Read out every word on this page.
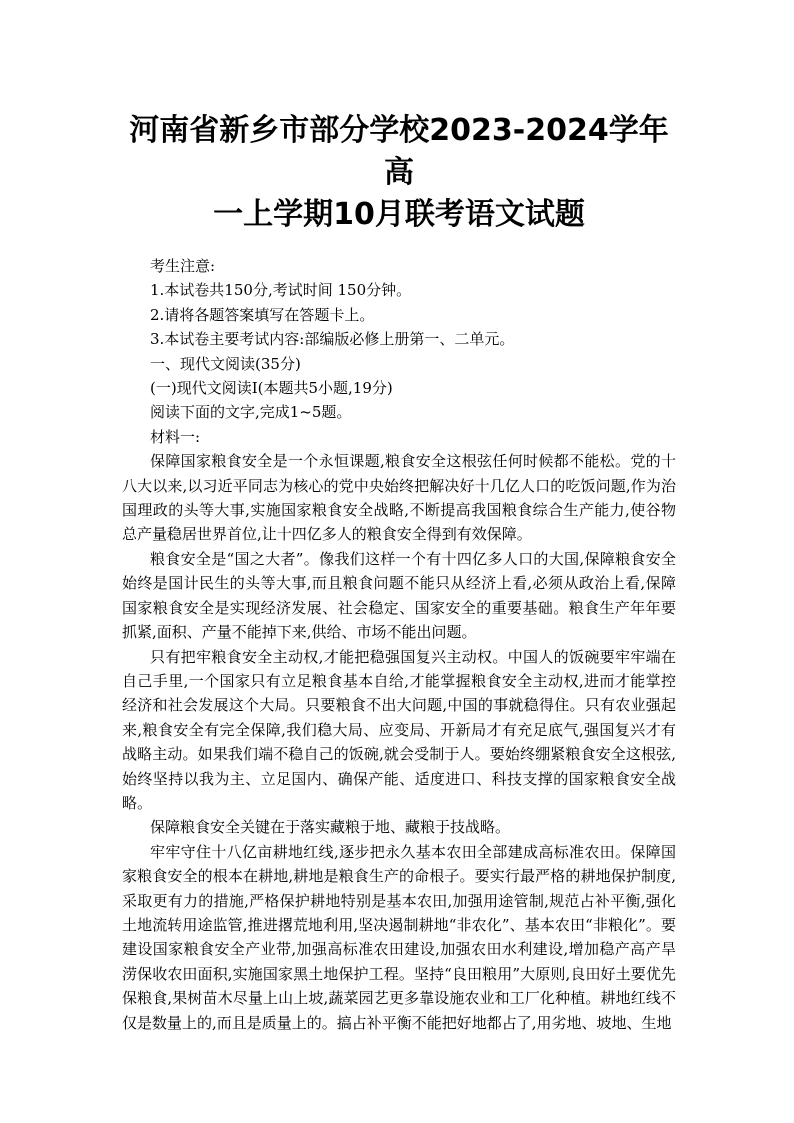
河南省新乡市部分学校2023-2024学年高
一上学期10月联考语文试题
考生注意:
1.本试卷共150分,考试时间 150分钟。
2.请将各题答案填写在答题卡上。
3.本试卷主要考试内容:部编版必修上册第一、二单元。
一、现代文阅读(35分)
(一)现代文阅读Ⅰ(本题共5小题,19分)
阅读下面的文字,完成1~5题。
材料一:

保障国家粮食安全是一个永恒课题,粮食安全这根弦任何时候都不能松。党的十八大以来,以习近平同志为核心的党中央始终把解决好十几亿人口的吃饭问题,作为治国理政的头等大事,实施国家粮食安全战略,不断提高我国粮食综合生产能力,使谷物总产量稳居世界首位,让十四亿多人的粮食安全得到有效保障。

粮食安全是“国之大者”。像我们这样一个有十四亿多人口的大国,保障粮食安全始终是国计民生的头等大事,而且粮食问题不能只从经济上看,必须从政治上看,保障国家粮食安全是实现经济发展、社会稳定、国家安全的重要基础。粮食生产年年要抓紧,面积、产量不能掉下来,供给、市场不能出问题。

只有把牢粮食安全主动权,才能把稳强国复兴主动权。中国人的饭碗要牢牢端在自己手里,一个国家只有立足粮食基本自给,才能掌握粮食安全主动权,进而才能掌控经济和社会发展这个大局。只要粮食不出大问题,中国的事就稳得住。只有农业强起来,粮食安全有完全保障,我们稳大局、应变局、开新局才有充足底气,强国复兴才有战略主动。如果我们端不稳自己的饭碗,就会受制于人。要始终绷紧粮食安全这根弦,始终坚持以我为主、立足国内、确保产能、适度进口、科技支撑的国家粮食安全战略。

保障粮食安全关键在于落实藏粮于地、藏粮于技战略。

牢牢守住十八亿亩耕地红线,逐步把永久基本农田全部建成高标准农田。保障国家粮食安全的根本在耕地,耕地是粮食生产的命根子。要实行最严格的耕地保护制度,采取更有力的措施,严格保护耕地特别是基本农田,加强用途管制,规范占补平衡,强化土地流转用途监管,推进撂荒地利用,坚决遏制耕地“非农化”、基本农田“非粮化”。要建设国家粮食安全产业带,加强高标准农田建设,加强农田水利建设,增加稳产高产旱涝保收农田面积,实施国家黑土地保护工程。坚持“良田粮用”大原则,良田好土要优先保粮食,果树苗木尽量上山上坡,蔬菜园艺更多靠设施农业和工厂化种植。耕地红线不仅是数量上的,而且是质量上的。搞占补平衡不能把好地都占了,用劣地、坡地、生地
